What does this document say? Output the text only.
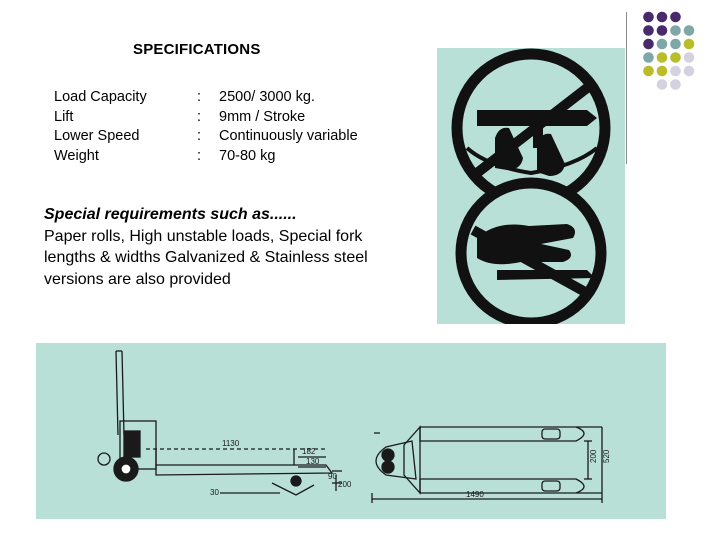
SPECIFICATIONS
Load Capacity	: 2500/ 3000 kg.
Lift	: 9mm / Stroke
Lower Speed	: Continuously variable
Weight	: 70-80 kg
Special requirements such as......
Paper rolls, High unstable loads, Special fork lengths & widths Galvanized & Stainless steel versions are also provided
1130
182
130
90
200
30	1490
200 520
